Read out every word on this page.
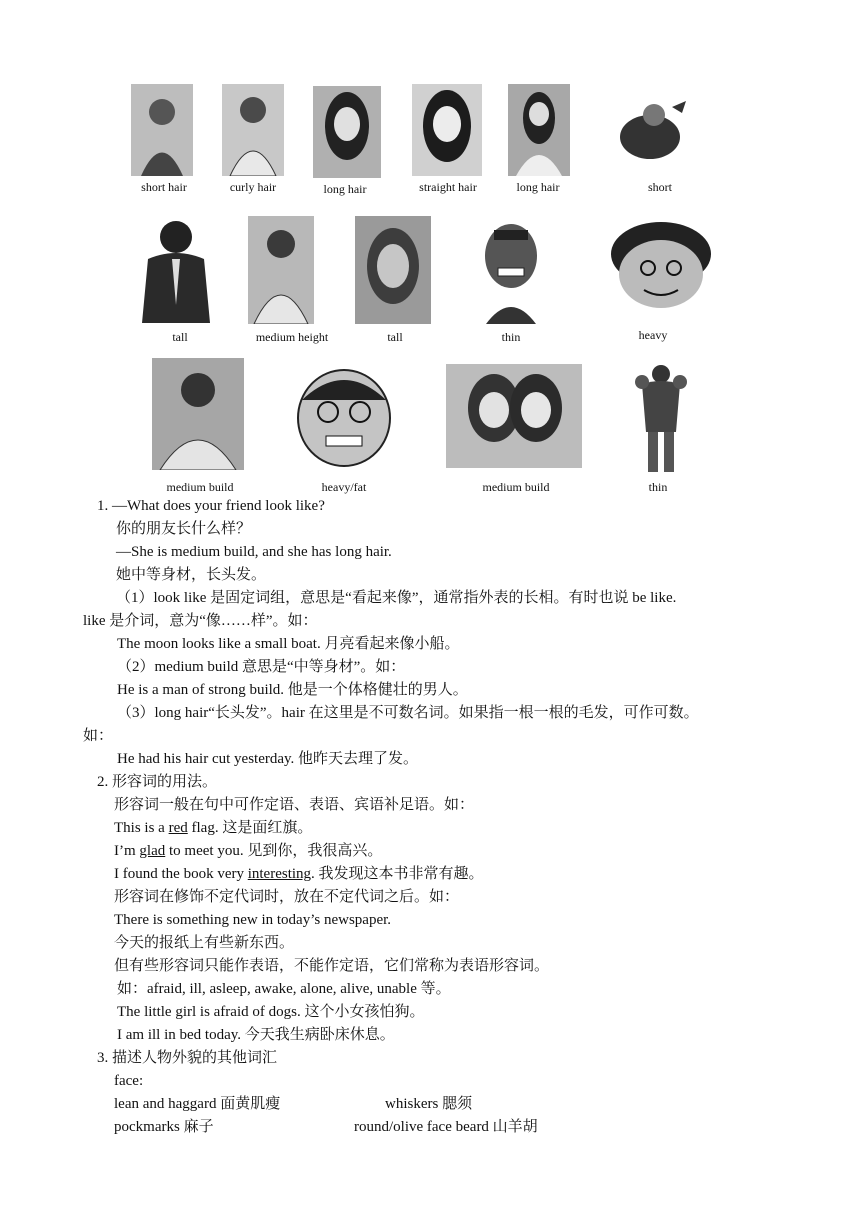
short hair	curly hair	long hair	straight hair	long hair	short
tall	medium height	tall	thin	heavy
medium build	heavy/fat	medium build	thin
1. —What does your friend look like?
你的朋友长什么样？
—She is medium build, and she has long hair.
她中等身材，长头发。
（1）look like 是固定词组，意思是“看起来像”，通常指外表的长相。有时也说 be like.
like 是介词，意为“像……样”。如：
The moon looks like a small boat. 月亮看起来像小船。
（2）medium build 意思是“中等身材”。如：
He is a man of strong build. 他是一个体格健壮的男人。
（3）long hair“长头发”。hair 在这里是不可数名词。如果指一根一根的毛发，可作可数。
如：
He had his hair cut yesterday. 他昨天去理了发。
2. 形容词的用法。
形容词一般在句中可作定语、表语、宾语补足语。如：
This is a red flag. 这是面红旗。
I’m glad to meet you. 见到你，我很高兴。
I found the book very interesting. 我发现这本书非常有趣。
形容词在修饰不定代词时，放在不定代词之后。如：
There is something new in today’s newspaper.
今天的报纸上有些新东西。
但有些形容词只能作表语，不能作定语，它们常称为表语形容词。
如：afraid, ill, asleep, awake, alone, alive, unable 等。
The little girl is afraid of dogs. 这个小女孩怕狗。
I am ill in bed today. 今天我生病卧床休息。
3. 描述人物外貌的其他词汇
face:
lean and haggard 面黄肌瘦	whiskers 腮须
pockmarks 麻子	round/olive face beard 山羊胡
